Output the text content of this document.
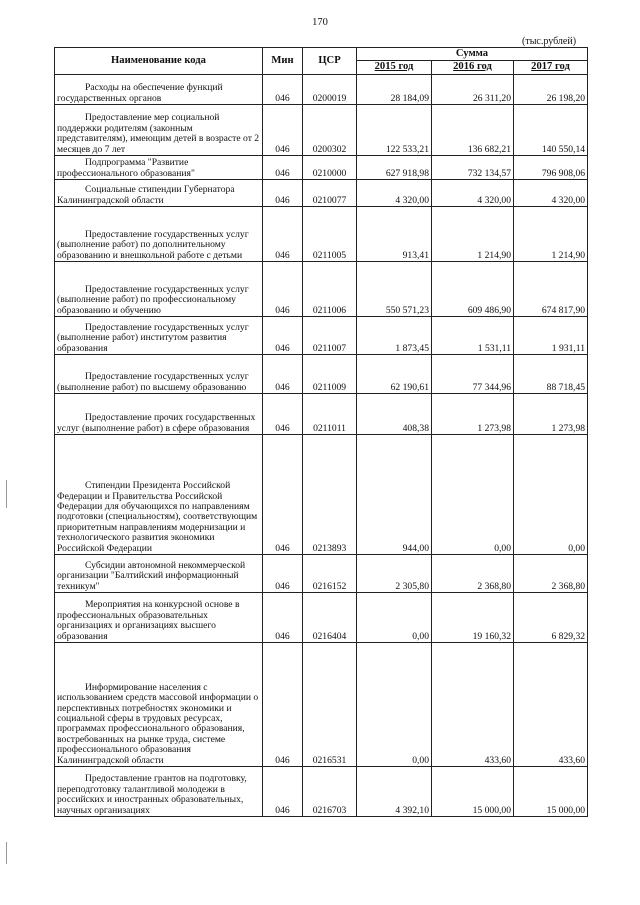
170
(тыс.рублей)
Наименование кода	Мин	ЦСР	Сумма		
			2015 год	2016 год	2017 год

Расходы на обеспечение функций государственных органов	046	0200019	28 184,09	26 311,20	26 198,20

Предоставление мер социальной поддержки родителям (законным представителям), имеющим детей в возрасте от 2 месяцев до 7 лет	046	0200302	122 533,21	136 682,21	140 550,14

Подпрограмма "Развитие профессионального образования"	046	0210000	627 918,98	732 134,57	796 908,06

Социальные стипендии Губернатора Калининградской области	046	0210077	4 320,00	4 320,00	4 320,00

Предоставление государственных услуг (выполнение работ) по дополнительному образованию и внешкольной работе с детьми	046	0211005	913,41	1 214,90	1 214,90

Предоставление государственных услуг (выполнение работ) по профессиональному образованию и обучению	046	0211006	550 571,23	609 486,90	674 817,90

Предоставление государственных услуг (выполнение работ) институтом развития образования	046	0211007	1 873,45	1 531,11	1 931,11

Предоставление государственных услуг (выполнение работ) по высшему образованию	046	0211009	62 190,61	77 344,96	88 718,45

Предоставление прочих государственных услуг (выполнение работ) в сфере образования	046	0211011	408,38	1 273,98	1 273,98

Стипендии Президента Российской Федерации и Правительства Российской Федерации для обучающихся по направлениям подготовки (специальностям), соответствующим приоритетным направлениям модернизации и технологического развития экономики Российской Федерации	046	0213893	944,00	0,00	0,00

Субсидии автономной некоммерческой организации "Балтийский информационный техникум"	046	0216152	2 305,80	2 368,80	2 368,80

Мероприятия на конкурсной основе в профессиональных образовательных организациях и организациях высшего образования	046	0216404	0,00	19 160,32	6 829,32

Информирование населения с использованием средств массовой информации о перспективных потребностях экономики и социальной сферы в трудовых ресурсах, программах профессионального образования, востребованных на рынке труда, системе профессионального образования Калининградской области	046	0216531	0,00	433,60	433,60

Предоставление грантов на подготовку, переподготовку талантливой молодежи в российских и иностранных образовательных, научных организациях	046	0216703	4 392,10	15 000,00	15 000,00
